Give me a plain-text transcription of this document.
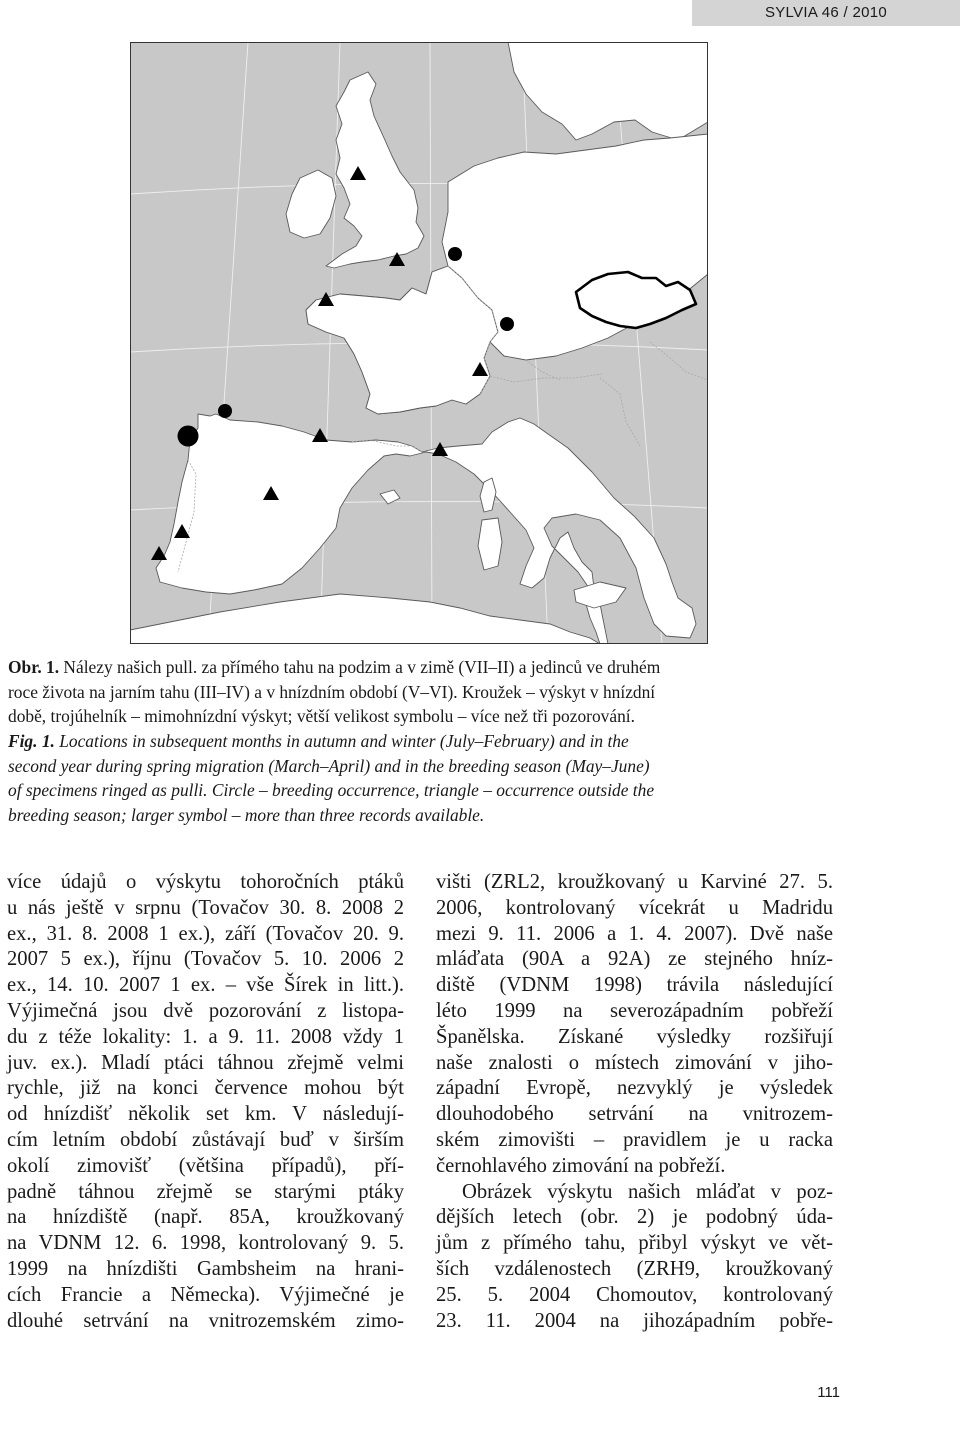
SYLVIA 46 / 2010

Obr. 1. Nálezy našich pull. za přímého tahu na podzim a v zimě (VII–II) a jedinců ve druhém

roce života na jarním tahu (III–IV) a v hnízdním období (V–VI). Kroužek – výskyt v hnízdní

době, trojúhelník – mimohnízdní výskyt; větší velikost symbolu – více než tři pozorování.

Fig. 1. Locations in subsequent months in autumn and winter (July–February) and in the

second year during spring migration (March–April) and in the breeding season (May–June)

of specimens ringed as pulli. Circle – breeding occurrence, triangle – occurrence outside the

breeding season; larger symbol – more than three records available.

více údajů o výskytu tohoročních ptáků
u nás ještě v srpnu (Tovačov 30. 8. 2008 2
ex., 31. 8. 2008 1 ex.), září (Tovačov 20. 9.
2007 5 ex.), říjnu (Tovačov 5. 10. 2006 2
ex., 14. 10. 2007 1 ex. – vše Šírek in litt.).
Výjimečná jsou dvě pozorování z listopa-
du z téže lokality: 1. a 9. 11. 2008 vždy 1
juv. ex.). Mladí ptáci táhnou zřejmě velmi
rychle, již na konci července mohou být
od hnízdišť několik set km. V následují-
cím letním období zůstávají buď v širším
okolí zimovišť (většina případů), pří-
padně táhnou zřejmě se starými ptáky
na hnízdiště (např. 85A, kroužkovaný
na VDNM 12. 6. 1998, kontrolovaný 9. 5.
1999 na hnízdišti Gambsheim na hrani-
cích Francie a Německa). Výjimečné je
dlouhé setrvání na vnitrozemském zimo-
višti (ZRL2, kroužkovaný u Karviné 27. 5.
2006, kontrolovaný vícekrát u Madridu
mezi 9. 11. 2006 a 1. 4. 2007). Dvě naše
mláďata (90A a 92A) ze stejného hníz-
diště (VDNM 1998) trávila následující
léto 1999 na severozápadním pobřeží
Španělska. Získané výsledky rozšiřují
naše znalosti o místech zimování v jiho-
západní Evropě, nezvyklý je výsledek
dlouhodobého setrvání na vnitrozem-
ském zimovišti – pravidlem je u racka
černohlavého zimování na pobřeží.
Obrázek výskytu našich mláďat v poz-
dějších letech (obr. 2) je podobný úda-
jům z přímého tahu, přibyl výskyt ve vět-
ších vzdálenostech (ZRH9, kroužkovaný
25. 5. 2004 Chomoutov, kontrolovaný
23. 11. 2004 na jihozápadním pobře-
111
